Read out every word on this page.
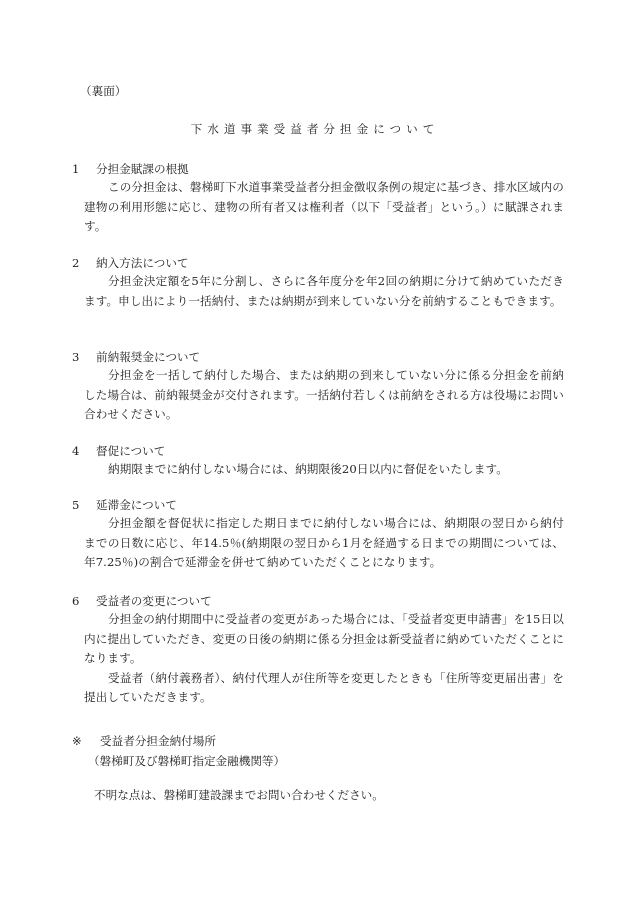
（裏面）
下水道事業受益者分担金について
1 分担金賦課の根拠
この分担金は、磐梯町下水道事業受益者分担金徴収条例の規定に基づき、排水区域内の建物の利用形態に応じ、建物の所有者又は権利者（以下「受益者」という。）に賦課されます。
2 納入方法について
分担金決定額を5年に分割し、さらに各年度分を年2回の納期に分けて納めていただきます。申し出により一括納付、または納期が到来していない分を前納することもできます。
3 前納報奨金について
分担金を一括して納付した場合、または納期の到来していない分に係る分担金を前納した場合は、前納報奨金が交付されます。一括納付若しくは前納をされる方は役場にお問い合わせください。
4 督促について
納期限までに納付しない場合には、納期限後20日以内に督促をいたします。
5 延滞金について
分担金額を督促状に指定した期日までに納付しない場合には、納期限の翌日から納付までの日数に応じ、年14.5％(納期限の翌日から1月を経過する日までの期間については、年7.25％)の割合で延滞金を併せて納めていただくことになります。
6 受益者の変更について
分担金の納付期間中に受益者の変更があった場合には、「受益者変更申請書」を15日以内に提出していただき、変更の日後の納期に係る分担金は新受益者に納めていただくことになります。
受益者（納付義務者）、納付代理人が住所等を変更したときも「住所等変更届出書」を提出していただきます。
※ 受益者分担金納付場所
（磐梯町及び磐梯町指定金融機関等）
不明な点は、磐梯町建設課までお問い合わせください。
